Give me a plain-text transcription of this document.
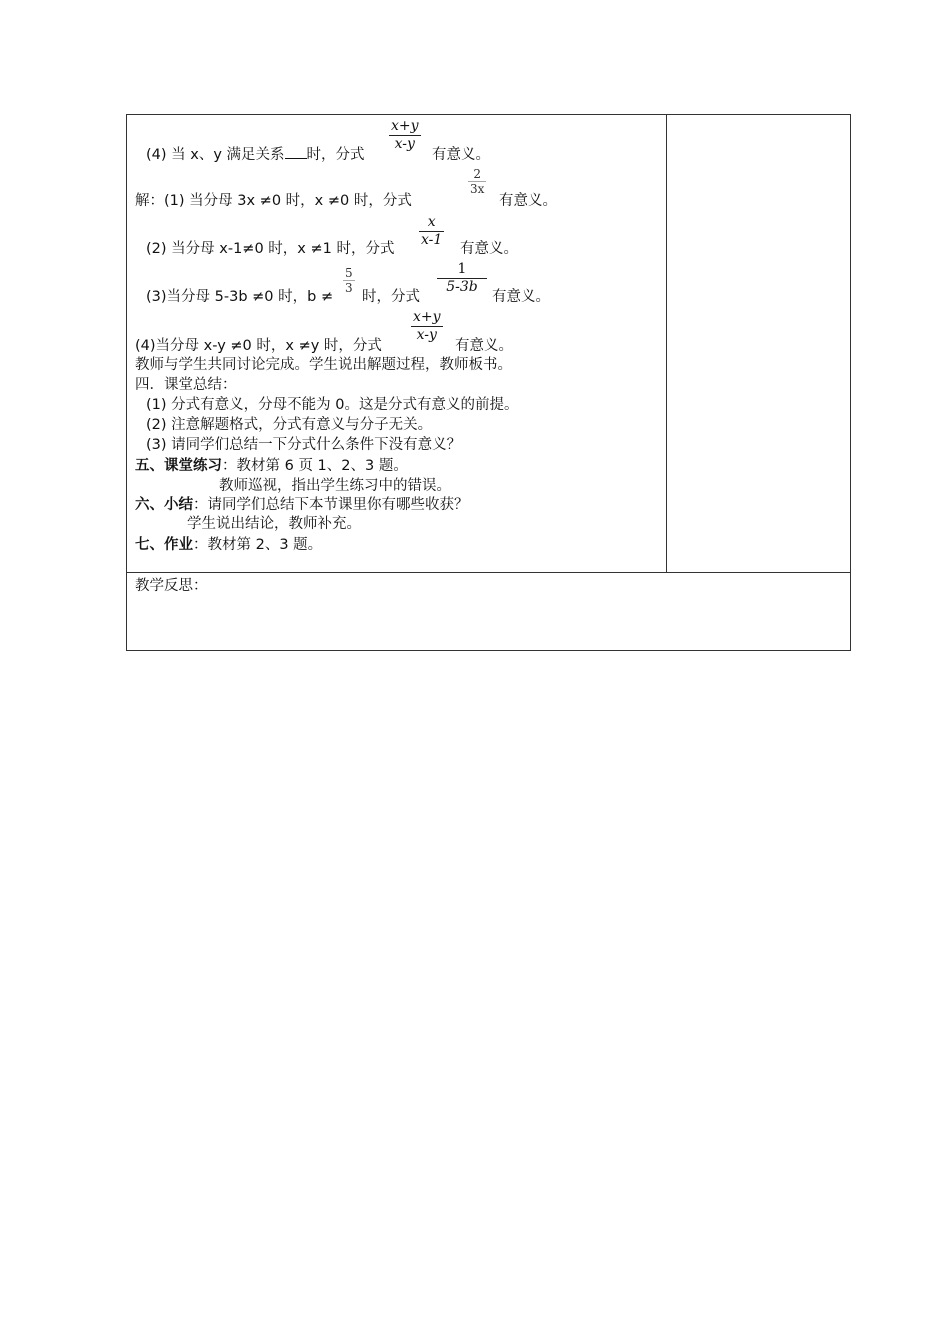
x+y
x-y
(4) 当 x、y 满足关系 时，分式	有意义。
2
3x
解：(1) 当分母 3x ≠0 时，x ≠0 时，分式	有意义。
x
x-1
(2) 当分母 x-1≠0 时，x ≠1 时，分式	有意义。
5
3
1
5-3b
(3)当分母 5-3b ≠0 时，b ≠ 时，分式	有意义。
x+y
x-y
(4)当分母 x-y ≠0 时，x ≠y 时，分式	有意义。
教师与学生共同讨论完成。学生说出解题过程，教师板书。
四．课堂总结：
(1) 分式有意义，分母不能为 0。这是分式有意义的前提。
(2) 注意解题格式，分式有意义与分子无关。
(3) 请同学们总结一下分式什么条件下没有意义？
五、课堂练习：教材第 6 页 1、2、3 题。
教师巡视，指出学生练习中的错误。
六、小结：请同学们总结下本节课里你有哪些收获？
学生说出结论，教师补充。
七、作业：教材第 2、3 题。
教学反思：
